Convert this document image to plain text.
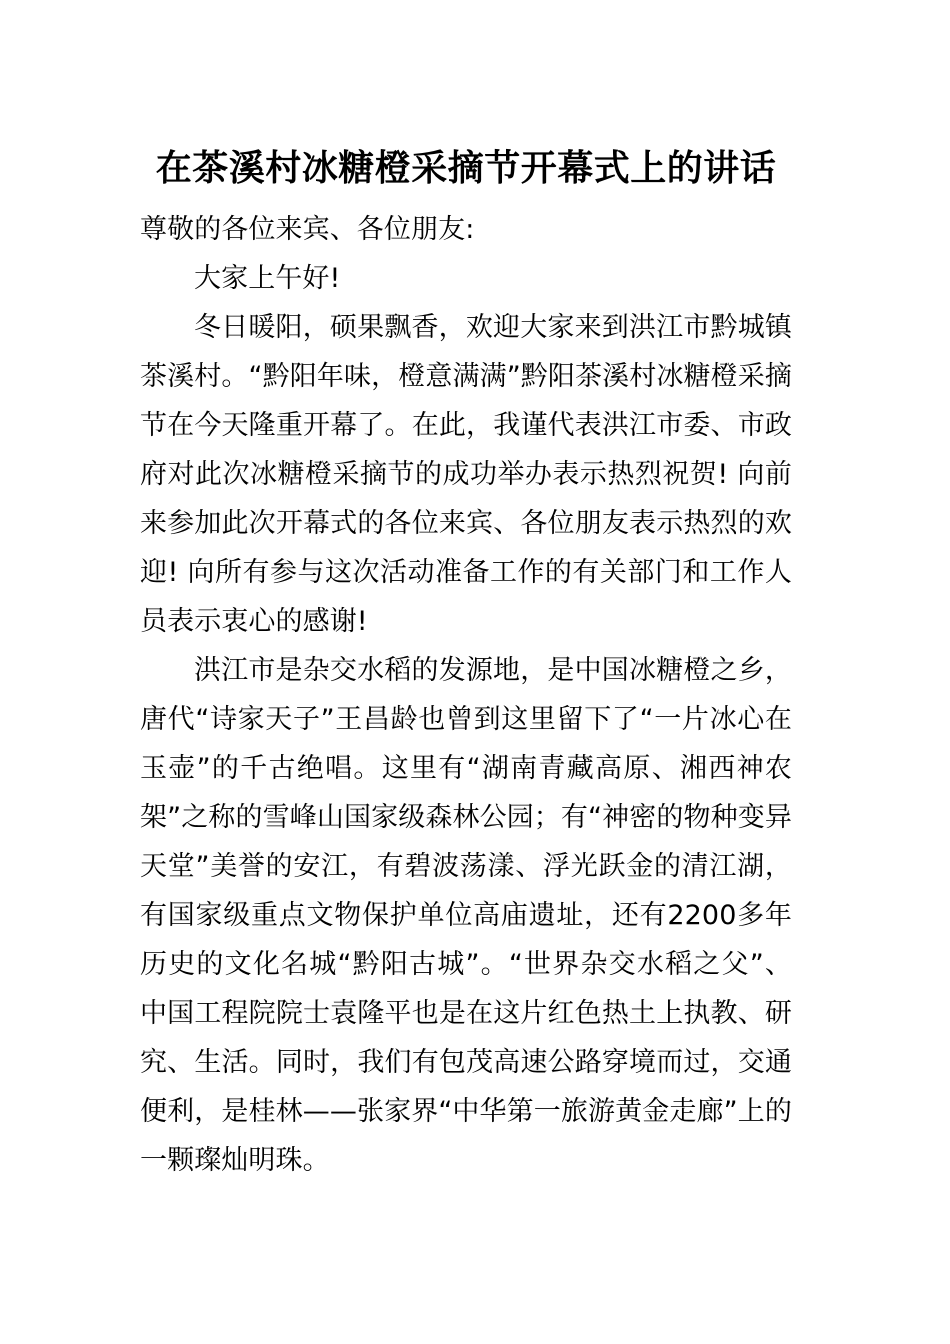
在茶溪村冰糖橙采摘节开幕式上的讲话

尊敬的各位来宾、各位朋友:

大家上午好!

冬日暖阳，硕果飘香，欢迎大家来到洪江市黔城镇茶溪村。“黔阳年味，橙意满满”黔阳茶溪村冰糖橙采摘节在今天隆重开幕了。在此，我谨代表洪江市委、市政府对此次冰糖橙采摘节的成功举办表示热烈祝贺! 向前来参加此次开幕式的各位来宾、各位朋友表示热烈的欢迎! 向所有参与这次活动准备工作的有关部门和工作人员表示衷心的感谢!

洪江市是杂交水稻的发源地，是中国冰糖橙之乡，唐代“诗家天子”王昌龄也曾到这里留下了“一片冰心在玉壶”的千古绝唱。这里有“湖南青藏高原、湘西神农架”之称的雪峰山国家级森林公园；有“神密的物种变异天堂”美誉的安江，有碧波荡漾、浮光跃金的清江湖，有国家级重点文物保护单位高庙遗址，还有2200多年历史的文化名城“黔阳古城”。“世界杂交水稻之父”、中国工程院院士袁隆平也是在这片红色热土上执教、研究、生活。同时，我们有包茂高速公路穿境而过，交通便利，是桂林——张家界“中华第一旅游黄金走廊”上的一颗璨灿明珠。
